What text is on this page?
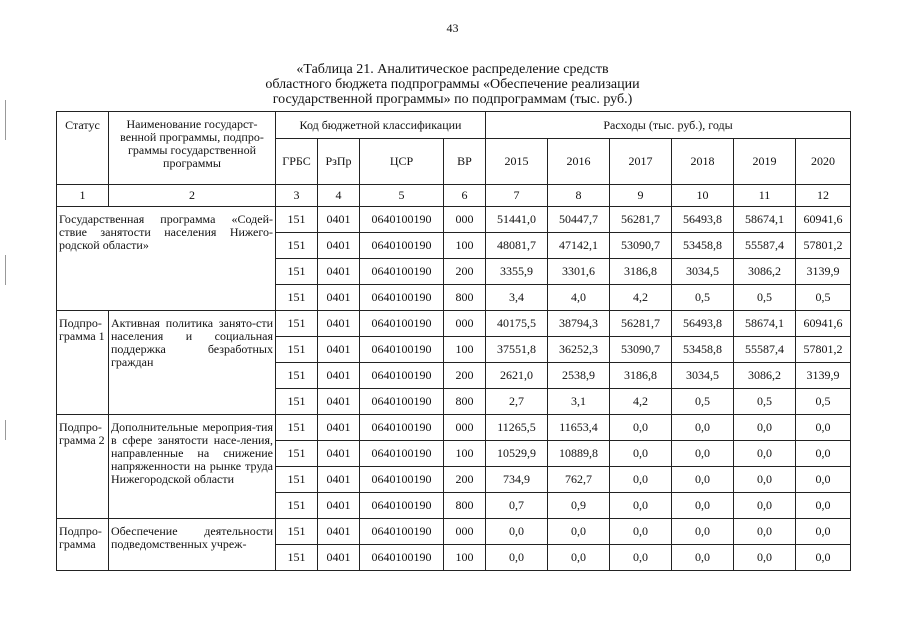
43
«Таблица 21. Аналитическое распределение средств
областного бюджета подпрограммы «Обеспечение реализации
государственной программы» по подпрограммам (тыс. руб.)
Статус	Наименование государст-венной программы, подпро-граммы государственной программы	Код бюджетной классификации				Расходы (тыс. руб.), годы					
		ГРБС	РзПр	ЦСР	ВР	2015	2016	2017	2018	2019	2020
1	2	3	4	5	6	7	8	9	10	11	12
Государственная программа «Содей-ствие занятости населения Нижего-родской области»		151	0401	0640100190	000	51441,0	50447,7	56281,7	56493,8	58674,1	60941,6
		151	0401	0640100190	100	48081,7	47142,1	53090,7	53458,8	55587,4	57801,2
		151	0401	0640100190	200	3355,9	3301,6	3186,8	3034,5	3086,2	3139,9
		151	0401	0640100190	800	3,4	4,0	4,2	0,5	0,5	0,5
Подпро-грамма 1	Активная политика занято-сти населения и социальная поддержка безработных граждан	151	0401	0640100190	000	40175,5	38794,3	56281,7	56493,8	58674,1	60941,6
		151	0401	0640100190	100	37551,8	36252,3	53090,7	53458,8	55587,4	57801,2
		151	0401	0640100190	200	2621,0	2538,9	3186,8	3034,5	3086,2	3139,9
		151	0401	0640100190	800	2,7	3,1	4,2	0,5	0,5	0,5
Подпро-грамма 2	Дополнительные мероприя-тия в сфере занятости насе-ления, направленные на снижение напряженности на рынке труда Нижегородской области	151	0401	0640100190	000	11265,5	11653,4	0,0	0,0	0,0	0,0
		151	0401	0640100190	100	10529,9	10889,8	0,0	0,0	0,0	0,0
		151	0401	0640100190	200	734,9	762,7	0,0	0,0	0,0	0,0
		151	0401	0640100190	800	0,7	0,9	0,0	0,0	0,0	0,0
Подпро-грамма	Обеспечение деятельности подведомственных учреж-	151	0401	0640100190	000	0,0	0,0	0,0	0,0	0,0	0,0
		151	0401	0640100190	100	0,0	0,0	0,0	0,0	0,0	0,0
